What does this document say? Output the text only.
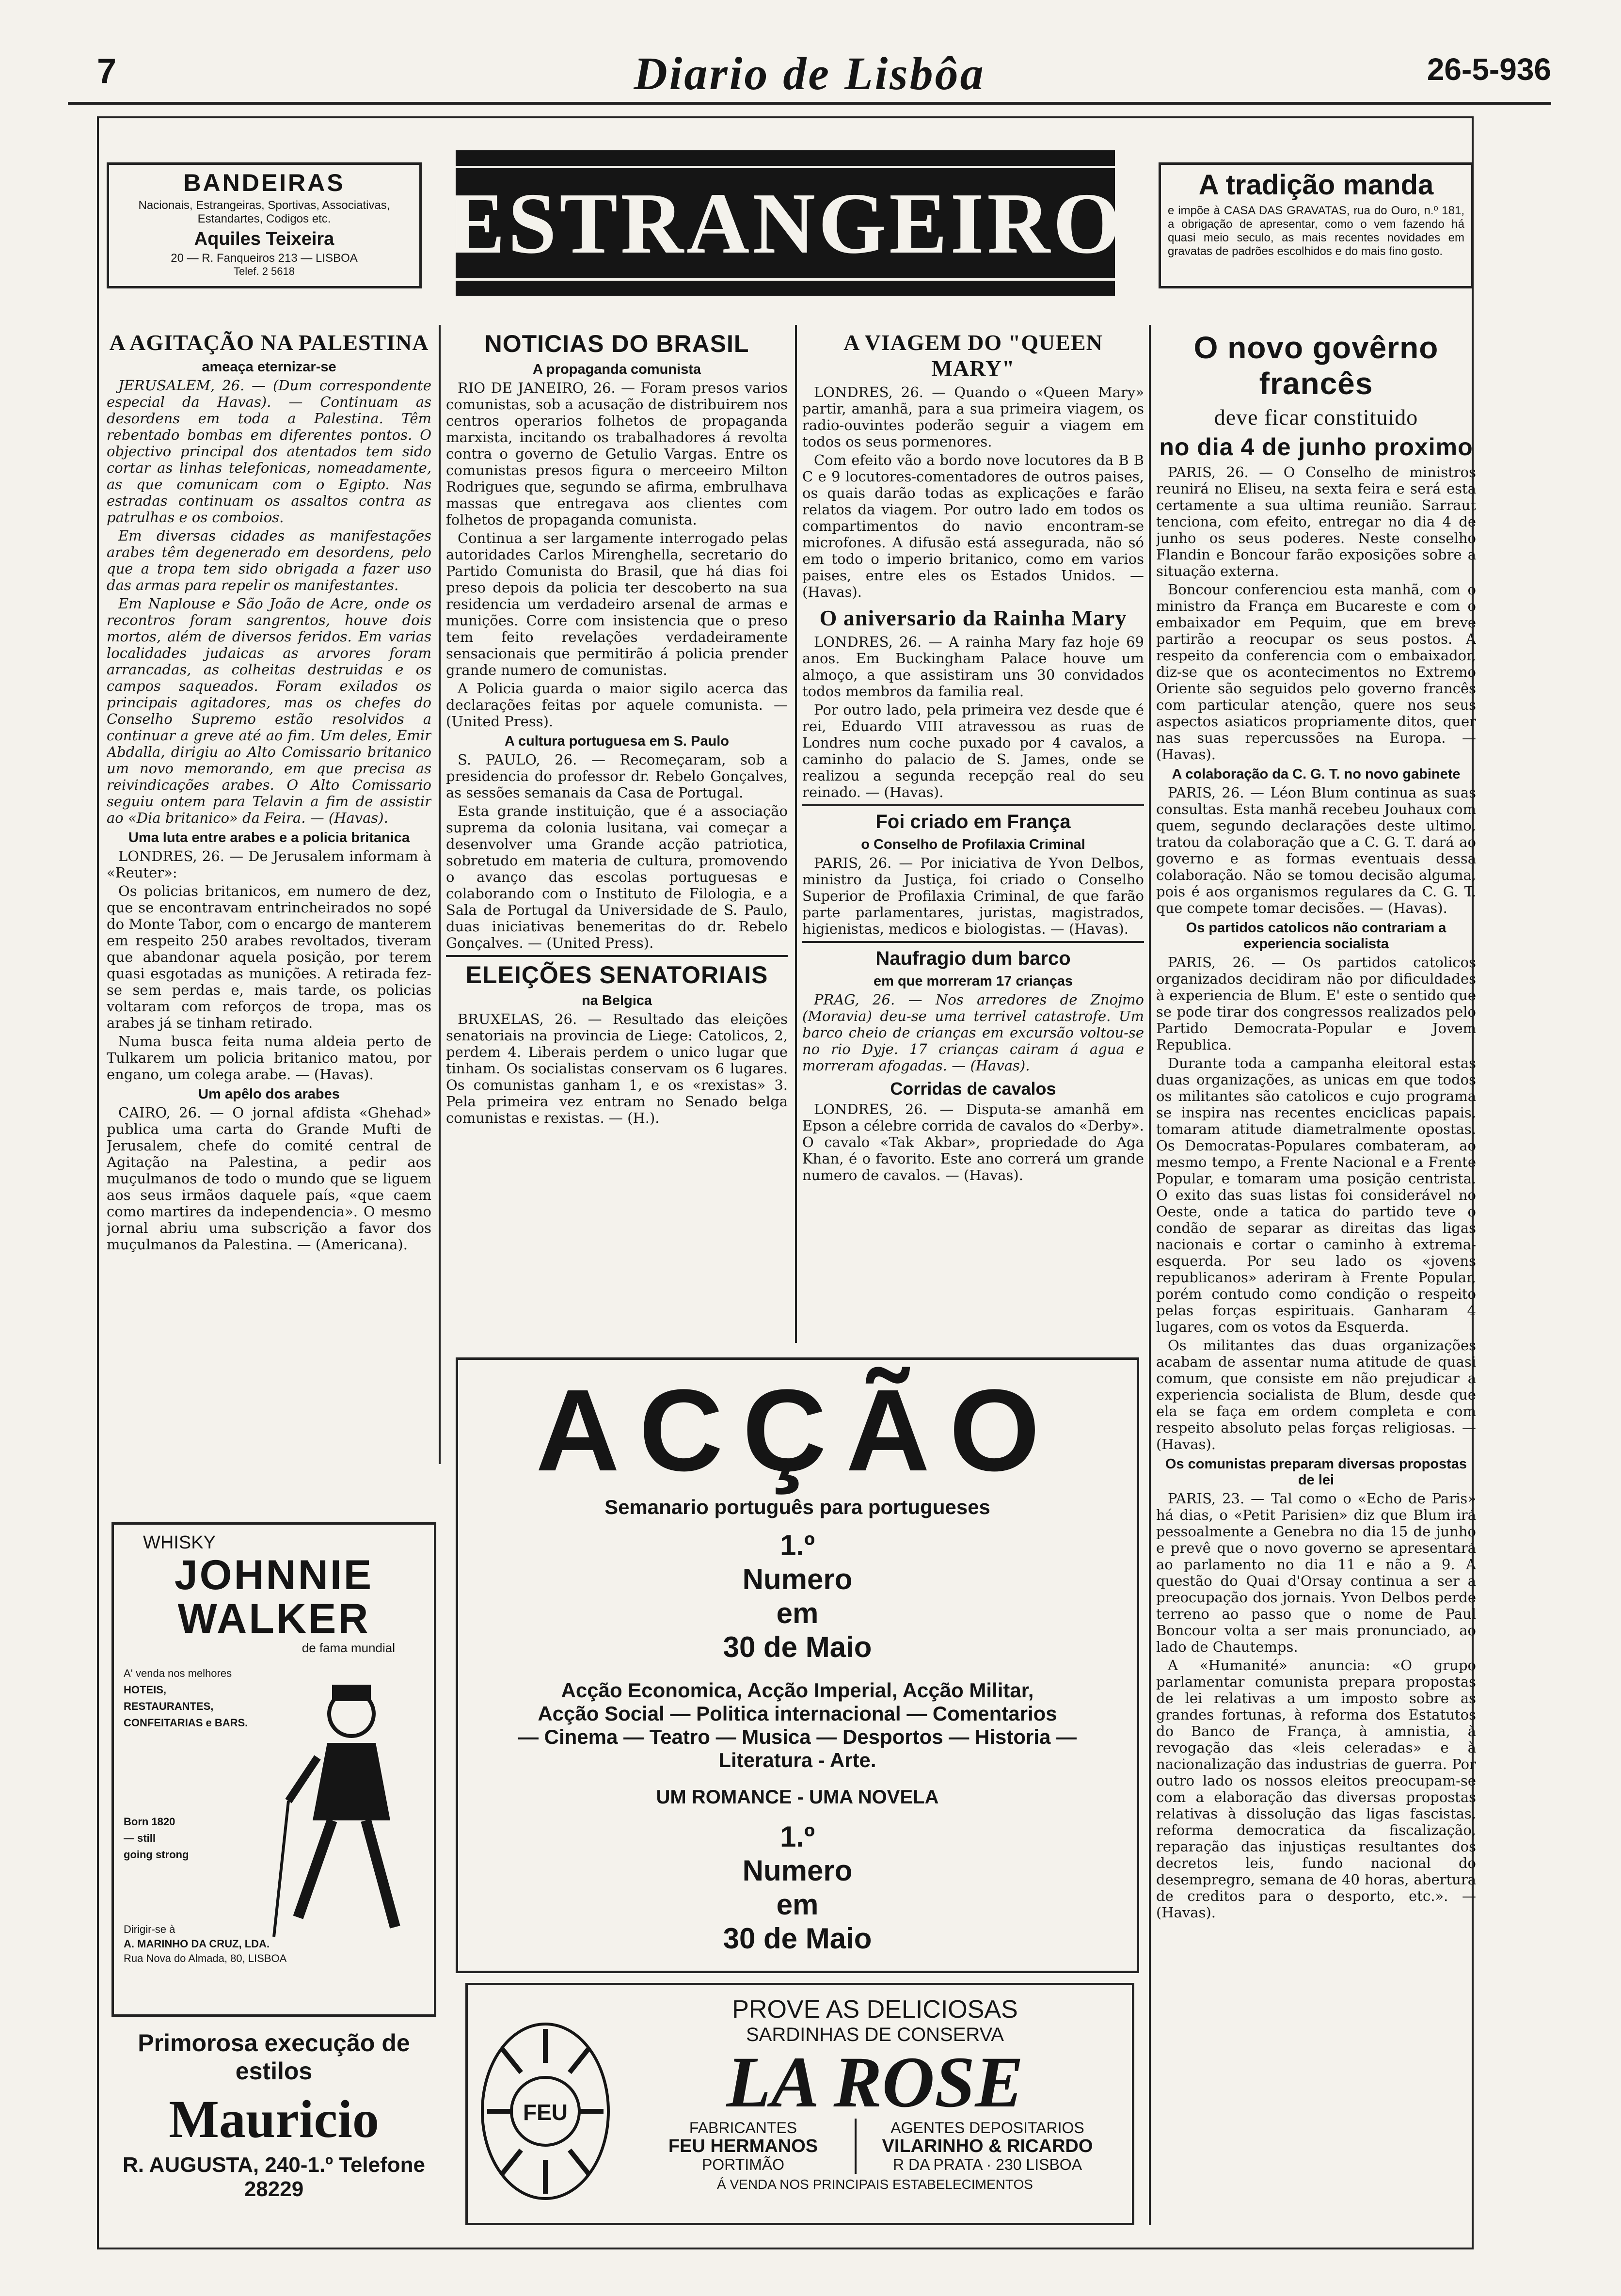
7	Diario de Lisbôa	26-5-936
BANDEIRAS
Nacionais, Estrangeiras, Sportivas, Associativas, Estandartes, Codigos etc.
Aquiles Teixeira
20 — R. Fanqueiros 213 — LISBOA
Telef. 2 5618	ESTRANGEIRO	A tradição manda
e impõe à CASA DAS GRAVATAS, rua do Ouro, n.º 181, a obrigação de apresentar, como o vem fazendo há quasi meio seculo, as mais recentes novidades em gravatas de padrões escolhidos e do mais fino gosto.
A AGITAÇÃO NA PALESTINA
ameaça eternizar-se

JERUSALEM, 26. — (Dum correspondente especial da Havas). — Continuam as desordens em toda a Palestina. Têm rebentado bombas em diferentes pontos. O objectivo principal dos atentados tem sido cortar as linhas telefonicas, nomeadamente, as que comunicam com o Egipto. Nas estradas continuam os assaltos contra as patrulhas e os comboios.

Em diversas cidades as manifestações arabes têm degenerado em desordens, pelo que a tropa tem sido obrigada a fazer uso das armas para repelir os manifestantes.

Em Naplouse e São João de Acre, onde os recontros foram sangrentos, houve dois mortos, além de diversos feridos. Em varias localidades judaicas as arvores foram arrancadas, as colheitas destruidas e os campos saqueados. Foram exilados os principais agitadores, mas os chefes do Conselho Supremo estão resolvidos a continuar a greve até ao fim. Um deles, Emir Abdalla, dirigiu ao Alto Comissario britanico um novo memorando, em que precisa as reivindicações arabes. O Alto Comissario seguiu ontem para Telavin a fim de assistir ao «Dia britanico» da Feira. — (Havas).

Uma luta entre arabes e a policia britanica

LONDRES, 26. — De Jerusalem informam à «Reuter»:

Os policias britanicos, em numero de dez, que se encontravam entrincheirados no sopé do Monte Tabor, com o encargo de manterem em respeito 250 arabes revoltados, tiveram que abandonar aquela posição, por terem quasi esgotadas as munições. A retirada fez-se sem perdas e, mais tarde, os policias voltaram com reforços de tropa, mas os arabes já se tinham retirado.

Numa busca feita numa aldeia perto de Tulkarem um policia britanico matou, por engano, um colega arabe. — (Havas).

Um apêlo dos arabes

CAIRO, 26. — O jornal afdista «Ghehad» publica uma carta do Grande Mufti de Jerusalem, chefe do comité central de Agitação na Palestina, a pedir aos muçulmanos de todo o mundo que se liguem aos seus irmãos daquele país, «que caem como martires da independencia». O mesmo jornal abriu uma subscrição a favor dos muçulmanos da Palestina. — (Americana).

WHISKY
JOHNNIE
WALKER
de fama mundial
A' venda nos melhores
HOTEIS, RESTAURANTES, CONFEITARIAS e BARS.
Born 1820
— still
going strong
Dirigir-se à
A. MARINHO DA CRUZ, LDA.
Rua Nova do Almada, 80, LISBOA
Primorosa execução de estilos
Mauricio
R. AUGUSTA, 240-1.º Telefone 28229
NOTICIAS DO BRASIL
A propaganda comunista

RIO DE JANEIRO, 26. — Foram presos varios comunistas, sob a acusação de distribuirem nos centros operarios folhetos de propaganda marxista, incitando os trabalhadores á revolta contra o governo de Getulio Vargas. Entre os comunistas presos figura o merceeiro Milton Rodrigues que, segundo se afirma, embrulhava massas que entregava aos clientes com folhetos de propaganda comunista.

Continua a ser largamente interrogado pelas autoridades Carlos Mirenghella, secretario do Partido Comunista do Brasil, que há dias foi preso depois da policia ter descoberto na sua residencia um verdadeiro arsenal de armas e munições. Corre com insistencia que o preso tem feito revelações verdadeiramente sensacionais que permitirão á policia prender grande numero de comunistas.

A Policia guarda o maior sigilo acerca das declarações feitas por aquele comunista. — (United Press).

A cultura portuguesa em S. Paulo

S. PAULO, 26. — Recomeçaram, sob a presidencia do professor dr. Rebelo Gonçalves, as sessões semanais da Casa de Portugal.

Esta grande instituição, que é a associação suprema da colonia lusitana, vai começar a desenvolver uma Grande acção patriotica, sobretudo em materia de cultura, promovendo o avanço das escolas portuguesas e colaborando com o Instituto de Filologia, e a Sala de Portugal da Universidade de S. Paulo, duas iniciativas benemeritas do dr. Rebelo Gonçalves. — (United Press).

ELEIÇÕES SENATORIAIS
na Belgica

BRUXELAS, 26. — Resultado das eleições senatoriais na provincia de Liege: Catolicos, 2, perdem 4. Liberais perdem o unico lugar que tinham. Os socialistas conservam os 6 lugares. Os comunistas ganham 1, e os «rexistas» 3. Pela primeira vez entram no Senado belga comunistas e rexistas. — (H.).

A VIAGEM DO "QUEEN MARY"

LONDRES, 26. — Quando o «Queen Mary» partir, amanhã, para a sua primeira viagem, os radio-ouvintes poderão seguir a viagem em todos os seus pormenores.

Com efeito vão a bordo nove locutores da B B C e 9 locutores-comentadores de outros paises, os quais darão todas as explicações e farão relatos da viagem. Por outro lado em todos os compartimentos do navio encontram-se microfones. A difusão está assegurada, não só em todo o imperio britanico, como em varios paises, entre eles os Estados Unidos. — (Havas).

O aniversario da Rainha Mary

LONDRES, 26. — A rainha Mary faz hoje 69 anos. Em Buckingham Palace houve um almoço, a que assistiram uns 30 convidados todos membros da familia real.

Por outro lado, pela primeira vez desde que é rei, Eduardo VIII atravessou as ruas de Londres num coche puxado por 4 cavalos, a caminho do palacio de S. James, onde se realizou a segunda recepção real do seu reinado. — (Havas).

Foi criado em França
o Conselho de Profilaxia Criminal

PARIS, 26. — Por iniciativa de Yvon Delbos, ministro da Justiça, foi criado o Conselho Superior de Profilaxia Criminal, de que farão parte parlamentares, juristas, magistrados, higienistas, medicos e biologistas. — (Havas).

Naufragio dum barco
em que morreram 17 crianças

PRAG, 26. — Nos arredores de Znojmo (Moravia) deu-se uma terrivel catastrofe. Um barco cheio de crianças em excursão voltou-se no rio Dyje. 17 crianças cairam á agua e morreram afogadas. — (Havas).

Corridas de cavalos

LONDRES, 26. — Disputa-se amanhã em Epson a célebre corrida de cavalos do «Derby». O cavalo «Tak Akbar», propriedade do Aga Khan, é o favorito. Este ano correrá um grande numero de cavalos. — (Havas).

O novo govêrno francês
deve ficar constituido
no dia 4 de junho proximo

PARIS, 26. — O Conselho de ministros reunirá no Eliseu, na sexta feira e será esta certamente a sua ultima reunião. Sarraut tenciona, com efeito, entregar no dia 4 de junho os seus poderes. Neste conselho Flandin e Boncour farão exposições sobre a situação externa.

Boncour conferenciou esta manhã, com o ministro da França em Bucareste e com o embaixador em Pequim, que em breve partirão a reocupar os seus postos. A respeito da conferencia com o embaixador, diz-se que os acontecimentos no Extremo Oriente são seguidos pelo governo francês com particular atenção, quere nos seus aspectos asiaticos propriamente ditos, quer nas suas repercussões na Europa. — (Havas).

A colaboração da C. G. T. no novo gabinete

PARIS, 26. — Léon Blum continua as suas consultas. Esta manhã recebeu Jouhaux com quem, segundo declarações deste ultimo, tratou da colaboração que a C. G. T. dará ao governo e as formas eventuais dessa colaboração. Não se tomou decisão alguma, pois é aos organismos regulares da C. G. T. que compete tomar decisões. — (Havas).

Os partidos catolicos não contrariam a experiencia socialista

PARIS, 26. — Os partidos catolicos organizados decidiram não por dificuldades à experiencia de Blum. E' este o sentido que se pode tirar dos congressos realizados pelo Partido Democrata-Popular e Jovem Republica.

Durante toda a campanha eleitoral estas duas organizações, as unicas em que todos os militantes são catolicos e cujo programa se inspira nas recentes enciclicas papais, tomaram atitude diametralmente opostas. Os Democratas-Populares combateram, ao mesmo tempo, a Frente Nacional e a Frente Popular, e tomaram uma posição centrista. O exito das suas listas foi considerável no Oeste, onde a tatica do partido teve o condão de separar as direitas das ligas nacionais e cortar o caminho à extrema-esquerda. Por seu lado os «jovens republicanos» aderiram à Frente Popular, porém contudo como condição o respeito pelas forças espirituais. Ganharam 4 lugares, com os votos da Esquerda.

Os militantes das duas organizações acabam de assentar numa atitude de quasi comum, que consiste em não prejudicar a experiencia socialista de Blum, desde que ela se faça em ordem completa e com respeito absoluto pelas forças religiosas. — (Havas).

Os comunistas preparam diversas propostas de lei

PARIS, 23. — Tal como o «Echo de Paris» há dias, o «Petit Parisien» diz que Blum irá pessoalmente a Genebra no dia 15 de junho e prevê que o novo governo se apresentará ao parlamento no dia 11 e não a 9. A questão do Quai d'Orsay continua a ser a preocupação dos jornais. Yvon Delbos perde terreno ao passo que o nome de Paul Boncour volta a ser mais pronunciado, ao lado de Chautemps.

A «Humanité» anuncia: «O grupo parlamentar comunista prepara propostas de lei relativas a um imposto sobre as grandes fortunas, à reforma dos Estatutos do Banco de França, à amnistia, à revogação das «leis celeradas» e à nacionalização das industrias de guerra. Por outro lado os nossos eleitos preocupam-se com a elaboração das diversas propostas relativas à dissolução das ligas fascistas, reforma democratica da fiscalização, reparação das injustiças resultantes dos decretos leis, fundo nacional do desempregro, semana de 40 horas, abertura de creditos para o desporto, etc.». — (Havas).

ACÇÃO
Semanario português para portugueses
1.º
Numero
em
30 de Maio
Acção Economica, Acção Imperial, Acção Militar,
Acção Social — Politica internacional — Comentarios
— Cinema — Teatro — Musica — Desportos — Historia —
Literatura - Arte.
UM ROMANCE - UMA NOVELA
1.º
Numero
em
30 de Maio
FEU
PROVE AS DELICIOSAS
SARDINHAS DE CONSERVA
LA ROSE
FABRICANTES
FEU HERMANOS
PORTIMÃO
AGENTES DEPOSITARIOS
VILARINHO & RICARDO
R DA PRATA · 230 LISBOA
Á VENDA NOS PRINCIPAIS ESTABELECIMENTOS
